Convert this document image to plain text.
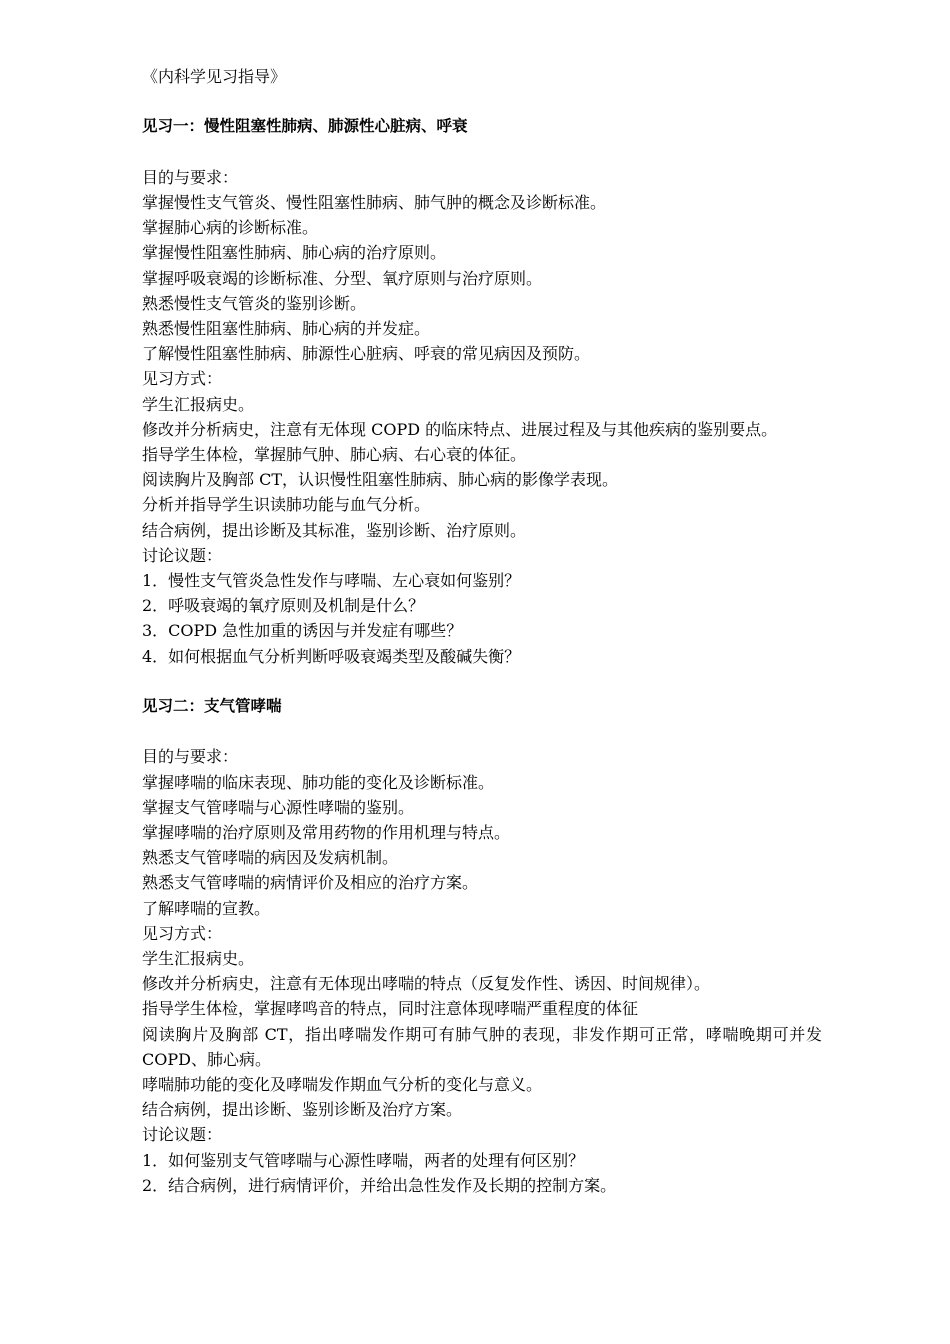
《内科学见习指导》
见习一：慢性阻塞性肺病、肺源性心脏病、呼衰
目的与要求：
掌握慢性支气管炎、慢性阻塞性肺病、肺气肿的概念及诊断标准。
掌握肺心病的诊断标准。
掌握慢性阻塞性肺病、肺心病的治疗原则。
掌握呼吸衰竭的诊断标准、分型、氧疗原则与治疗原则。
熟悉慢性支气管炎的鉴别诊断。
熟悉慢性阻塞性肺病、肺心病的并发症。
了解慢性阻塞性肺病、肺源性心脏病、呼衰的常见病因及预防。
见习方式：
学生汇报病史。
修改并分析病史，注意有无体现 COPD 的临床特点、进展过程及与其他疾病的鉴别要点。
指导学生体检，掌握肺气肿、肺心病、右心衰的体征。
阅读胸片及胸部 CT，认识慢性阻塞性肺病、肺心病的影像学表现。
分析并指导学生识读肺功能与血气分析。
结合病例，提出诊断及其标准，鉴别诊断、治疗原则。
讨论议题：
1．慢性支气管炎急性发作与哮喘、左心衰如何鉴别？
2．呼吸衰竭的氧疗原则及机制是什么？
3．COPD 急性加重的诱因与并发症有哪些？
4．如何根据血气分析判断呼吸衰竭类型及酸碱失衡？
见习二：支气管哮喘
目的与要求：
掌握哮喘的临床表现、肺功能的变化及诊断标准。
掌握支气管哮喘与心源性哮喘的鉴别。
掌握哮喘的治疗原则及常用药物的作用机理与特点。
熟悉支气管哮喘的病因及发病机制。
熟悉支气管哮喘的病情评价及相应的治疗方案。
了解哮喘的宣教。
见习方式：
学生汇报病史。
修改并分析病史，注意有无体现出哮喘的特点（反复发作性、诱因、时间规律）。
指导学生体检，掌握哮鸣音的特点，同时注意体现哮喘严重程度的体征
阅读胸片及胸部 CT，指出哮喘发作期可有肺气肿的表现，非发作期可正常，哮喘晚期可并发 COPD、肺心病。
哮喘肺功能的变化及哮喘发作期血气分析的变化与意义。
结合病例，提出诊断、鉴别诊断及治疗方案。
讨论议题：
1．如何鉴别支气管哮喘与心源性哮喘，两者的处理有何区别？
2．结合病例，进行病情评价，并给出急性发作及长期的控制方案。
